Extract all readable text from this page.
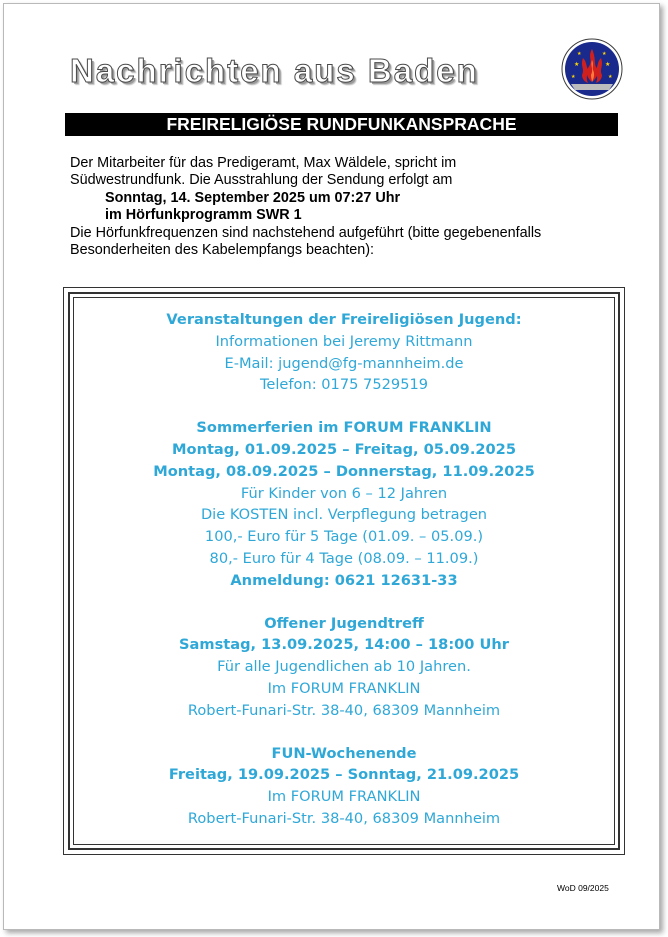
Nachrichten aus Baden	★	★
★	★
★	★
FREIRELIGIÖSE RUNDFUNKANSPRACHE

Der Mitarbeiter für das Predigeramt, Max Wäldele, spricht im

Südwestrundfunk. Die Ausstrahlung der Sendung erfolgt am

Sonntag, 14. September 2025 um 07:27 Uhr

im Hörfunkprogramm SWR 1

Die Hörfunkfrequenzen sind nachstehend aufgeführt (bitte gegebenenfalls

Besonderheiten des Kabelempfangs beachten):

Veranstaltungen der Freireligiösen Jugend:
Informationen bei Jeremy Rittmann
E-Mail: jugend@fg-mannheim.de
Telefon: 0175 7529519
Sommerferien im FORUM FRANKLIN
Montag, 01.09.2025 – Freitag, 05.09.2025
Montag, 08.09.2025 – Donnerstag, 11.09.2025
Für Kinder von 6 – 12 Jahren
Die KOSTEN incl. Verpflegung betragen
100,- Euro für 5 Tage (01.09. – 05.09.)
80,- Euro für 4 Tage (08.09. – 11.09.)
Anmeldung: 0621 12631-33
Offener Jugendtreff
Samstag, 13.09.2025, 14:00 – 18:00 Uhr
Für alle Jugendlichen ab 10 Jahren.
Im FORUM FRANKLIN
Robert-Funari-Str. 38-40, 68309 Mannheim
FUN-Wochenende
Freitag, 19.09.2025 – Sonntag, 21.09.2025
Im FORUM FRANKLIN
Robert-Funari-Str. 38-40, 68309 Mannheim
WoD 09/2025
